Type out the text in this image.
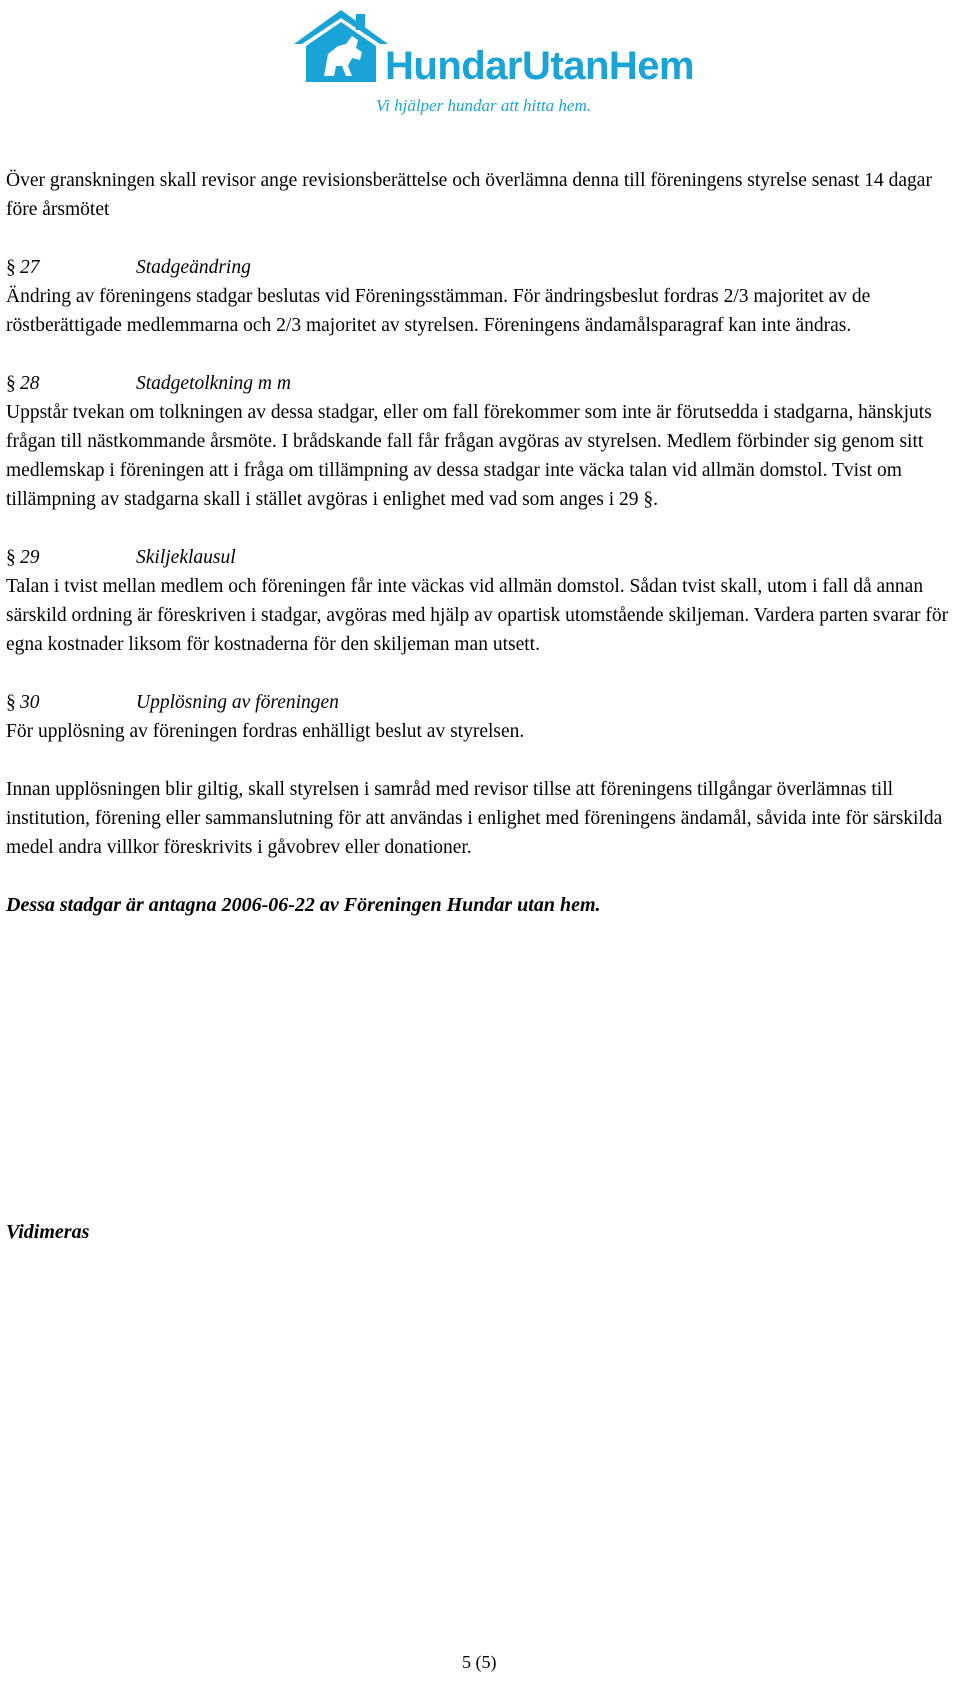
HundarUtanHem
Vi hjälper hundar att hitta hem.

Över granskningen skall revisor ange revisionsberättelse och överlämna denna till föreningens styrelse senast 14 dagar före årsmötet

§ 27	Stadgeändring

Ändring av föreningens stadgar beslutas vid Föreningsstämman. För ändringsbeslut fordras 2/3 majoritet av de röstberättigade medlemmarna och 2/3 majoritet av styrelsen. Föreningens ändamålsparagraf kan inte ändras.

§ 28	Stadgetolkning m m

Uppstår tvekan om tolkningen av dessa stadgar, eller om fall förekommer som inte är förutsedda i stadgarna, hänskjuts frågan till nästkommande årsmöte. I brådskande fall får frågan avgöras av styrelsen. Medlem förbinder sig genom sitt medlemskap i föreningen att i fråga om tillämpning av dessa stadgar inte väcka talan vid allmän domstol. Tvist om tillämpning av stadgarna skall i stället avgöras i enlighet med vad som anges i 29 §.

§ 29	Skiljeklausul

Talan i tvist mellan medlem och föreningen får inte väckas vid allmän domstol. Sådan tvist skall, utom i fall då annan särskild ordning är föreskriven i stadgar, avgöras med hjälp av opartisk utomstående skiljeman. Vardera parten svarar för egna kostnader liksom för kostnaderna för den skiljeman man utsett.

§ 30	Upplösning av föreningen

För upplösning av föreningen fordras enhälligt beslut av styrelsen.

Innan upplösningen blir giltig, skall styrelsen i samråd med revisor tillse att föreningens tillgångar överlämnas till institution, förening eller sammanslutning för att användas i enlighet med föreningens ändamål, såvida inte för särskilda medel andra villkor föreskrivits i gåvobrev eller donationer.

Dessa stadgar är antagna 2006-06-22 av Föreningen Hundar utan hem.

Vidimeras
5 (5)
